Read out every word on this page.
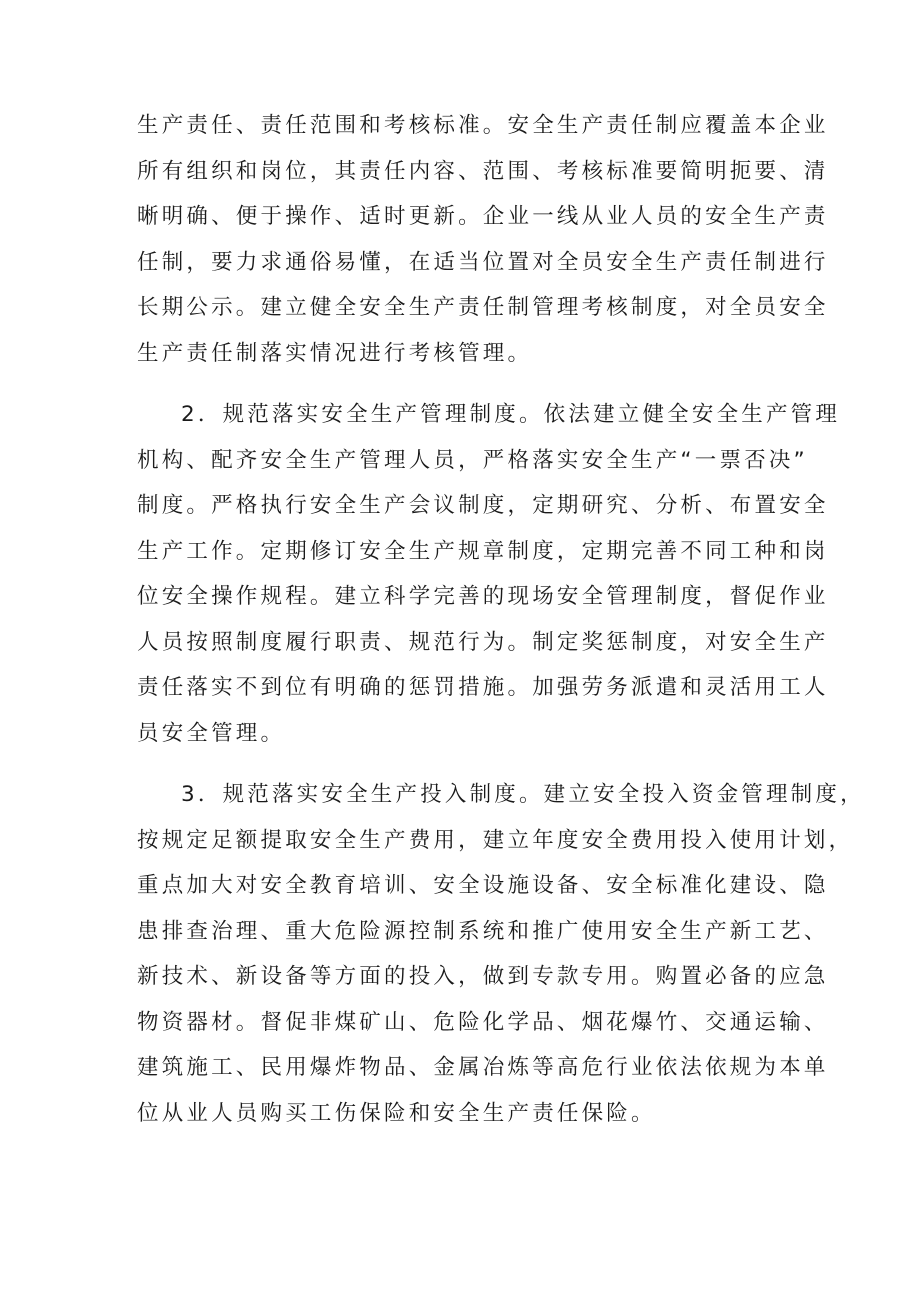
生产责任、责任范围和考核标准。安全生产责任制应覆盖本企业
所有组织和岗位，其责任内容、范围、考核标准要简明扼要、清
晰明确、便于操作、适时更新。企业一线从业人员的安全生产责
任制，要力求通俗易懂，在适当位置对全员安全生产责任制进行
长期公示。建立健全安全生产责任制管理考核制度，对全员安全
生产责任制落实情况进行考核管理。

2．规范落实安全生产管理制度。依法建立健全安全生产管理
机构、配齐安全生产管理人员，严格落实安全生产“一票否决”
制度。严格执行安全生产会议制度，定期研究、分析、布置安全
生产工作。定期修订安全生产规章制度，定期完善不同工种和岗
位安全操作规程。建立科学完善的现场安全管理制度，督促作业
人员按照制度履行职责、规范行为。制定奖惩制度，对安全生产
责任落实不到位有明确的惩罚措施。加强劳务派遣和灵活用工人
员安全管理。

3．规范落实安全生产投入制度。建立安全投入资金管理制度，
按规定足额提取安全生产费用，建立年度安全费用投入使用计划，
重点加大对安全教育培训、安全设施设备、安全标准化建设、隐
患排查治理、重大危险源控制系统和推广使用安全生产新工艺、
新技术、新设备等方面的投入，做到专款专用。购置必备的应急
物资器材。督促非煤矿山、危险化学品、烟花爆竹、交通运输、
建筑施工、民用爆炸物品、金属冶炼等高危行业依法依规为本单
位从业人员购买工伤保险和安全生产责任保险。
